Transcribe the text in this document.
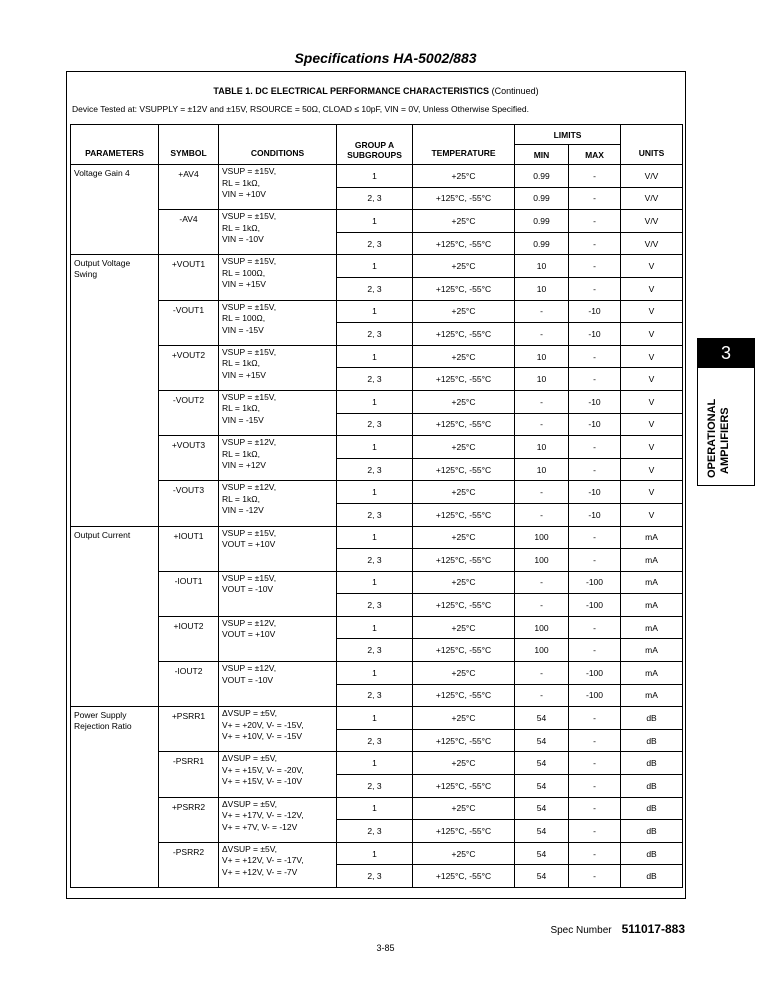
Specifications HA-5002/883
TABLE 1. DC ELECTRICAL PERFORMANCE CHARACTERISTICS (Continued)
Device Tested at: VSUPPLY = ±12V and ±15V, RSOURCE = 50Ω, CLOAD ≤ 10pF, VIN = 0V, Unless Otherwise Specified.
PARAMETERS	SYMBOL	CONDITIONS	GROUP A SUBGROUPS	TEMPERATURE	LIMITS		UNITS
					MIN	MAX	
Voltage Gain 4	+AV4	VSUP = ±15V,
RL = 1kΩ,
VIN = +10V	1	+25°C	0.99	-	V/V
			2, 3	+125°C, -55°C	0.99	-	V/V
	-AV4	VSUP = ±15V,
RL = 1kΩ,
VIN = -10V	1	+25°C	0.99	-	V/V
			2, 3	+125°C, -55°C	0.99	-	V/V
Output Voltage Swing	+VOUT1	VSUP = ±15V,
RL = 100Ω,
VIN = +15V	1	+25°C	10	-	V
			2, 3	+125°C, -55°C	10	-	V
	-VOUT1	VSUP = ±15V,
RL = 100Ω,
VIN = -15V	1	+25°C	-	-10	V
			2, 3	+125°C, -55°C	-	-10	V
	+VOUT2	VSUP = ±15V,
RL = 1kΩ,
VIN = +15V	1	+25°C	10	-	V
			2, 3	+125°C, -55°C	10	-	V
	-VOUT2	VSUP = ±15V,
RL = 1kΩ,
VIN = -15V	1	+25°C	-	-10	V
			2, 3	+125°C, -55°C	-	-10	V
	+VOUT3	VSUP = ±12V,
RL = 1kΩ,
VIN = +12V	1	+25°C	10	-	V
			2, 3	+125°C, -55°C	10	-	V
	-VOUT3	VSUP = ±12V,
RL = 1kΩ,
VIN = -12V	1	+25°C	-	-10	V
			2, 3	+125°C, -55°C	-	-10	V
Output Current	+IOUT1	VSUP = ±15V,
VOUT = +10V	1	+25°C	100	-	mA
			2, 3	+125°C, -55°C	100	-	mA
	-IOUT1	VSUP = ±15V,
VOUT = -10V	1	+25°C	-	-100	mA
			2, 3	+125°C, -55°C	-	-100	mA
	+IOUT2	VSUP = ±12V,
VOUT = +10V	1	+25°C	100	-	mA
			2, 3	+125°C, -55°C	100	-	mA
	-IOUT2	VSUP = ±12V,
VOUT = -10V	1	+25°C	-	-100	mA
			2, 3	+125°C, -55°C	-	-100	mA
Power Supply Rejection Ratio	+PSRR1	ΔVSUP = ±5V,
V+ = +20V, V- = -15V,
V+ = +10V, V- = -15V	1	+25°C	54	-	dB
			2, 3	+125°C, -55°C	54	-	dB
	-PSRR1	ΔVSUP = ±5V,
V+ = +15V, V- = -20V,
V+ = +15V, V- = -10V	1	+25°C	54	-	dB
			2, 3	+125°C, -55°C	54	-	dB
	+PSRR2	ΔVSUP = ±5V,
V+ = +17V, V- = -12V,
V+ = +7V, V- = -12V	1	+25°C	54	-	dB
			2, 3	+125°C, -55°C	54	-	dB
	-PSRR2	ΔVSUP = ±5V,
V+ = +12V, V- = -17V,
V+ = +12V, V- = -7V	1	+25°C	54	-	dB
			2, 3	+125°C, -55°C	54	-	dB
3
OPERATIONAL AMPLIFIERS
Spec Number 511017-883
3-85
